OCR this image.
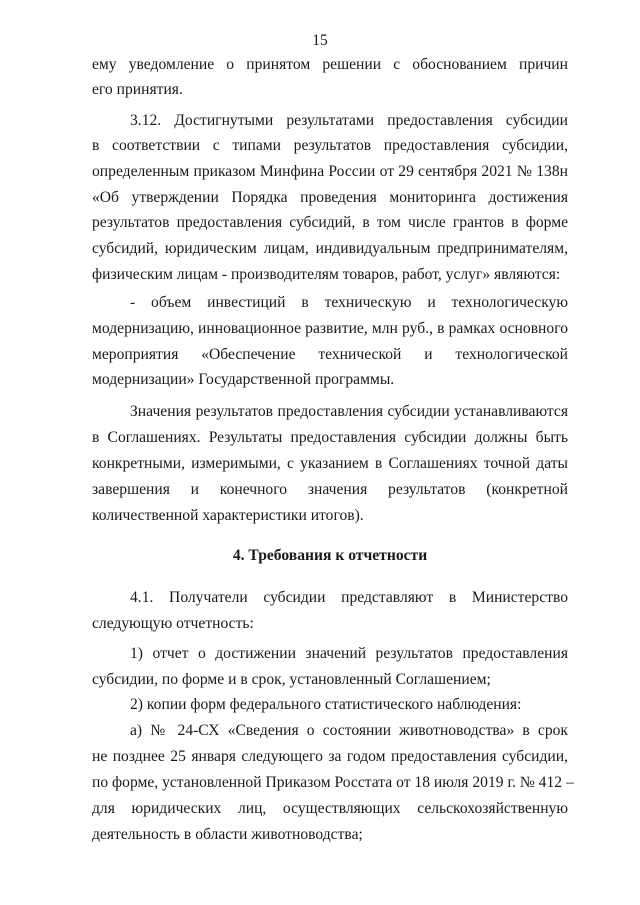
15
ему уведомление о принятом решении с обоснованием причин
его принятия.
3.12. Достигнутыми результатами предоставления субсидии
в соответствии с типами результатов предоставления субсидии,
определенным приказом Минфина России от 29 сентября 2021 № 138н
«Об утверждении Порядка проведения мониторинга достижения
результатов предоставления субсидий, в том числе грантов в форме
субсидий, юридическим лицам, индивидуальным предпринимателям,
физическим лицам - производителям товаров, работ, услуг» являются:
- объем инвестиций в техническую и технологическую
модернизацию, инновационное развитие, млн руб., в рамках основного
мероприятия «Обеспечение технической и технологической
модернизации» Государственной программы.
Значения результатов предоставления субсидии устанавливаются
в Соглашениях. Результаты предоставления субсидии должны быть
конкретными, измеримыми, с указанием в Соглашениях точной даты
завершения и конечного значения результатов (конкретной
количественной характеристики итогов).
4. Требования к отчетности
4.1. Получатели субсидии представляют в Министерство
следующую отчетность:
1) отчет о достижении значений результатов предоставления
субсидии, по форме и в срок, установленный Соглашением;
2) копии форм федерального статистического наблюдения:
а) № 24-СХ «Сведения о состоянии животноводства» в срок
не позднее 25 января следующего за годом предоставления субсидии,
по форме, установленной Приказом Росстата от 18 июля 2019 г. № 412 –
для юридических лиц, осуществляющих сельскохозяйственную
деятельность в области животноводства;
